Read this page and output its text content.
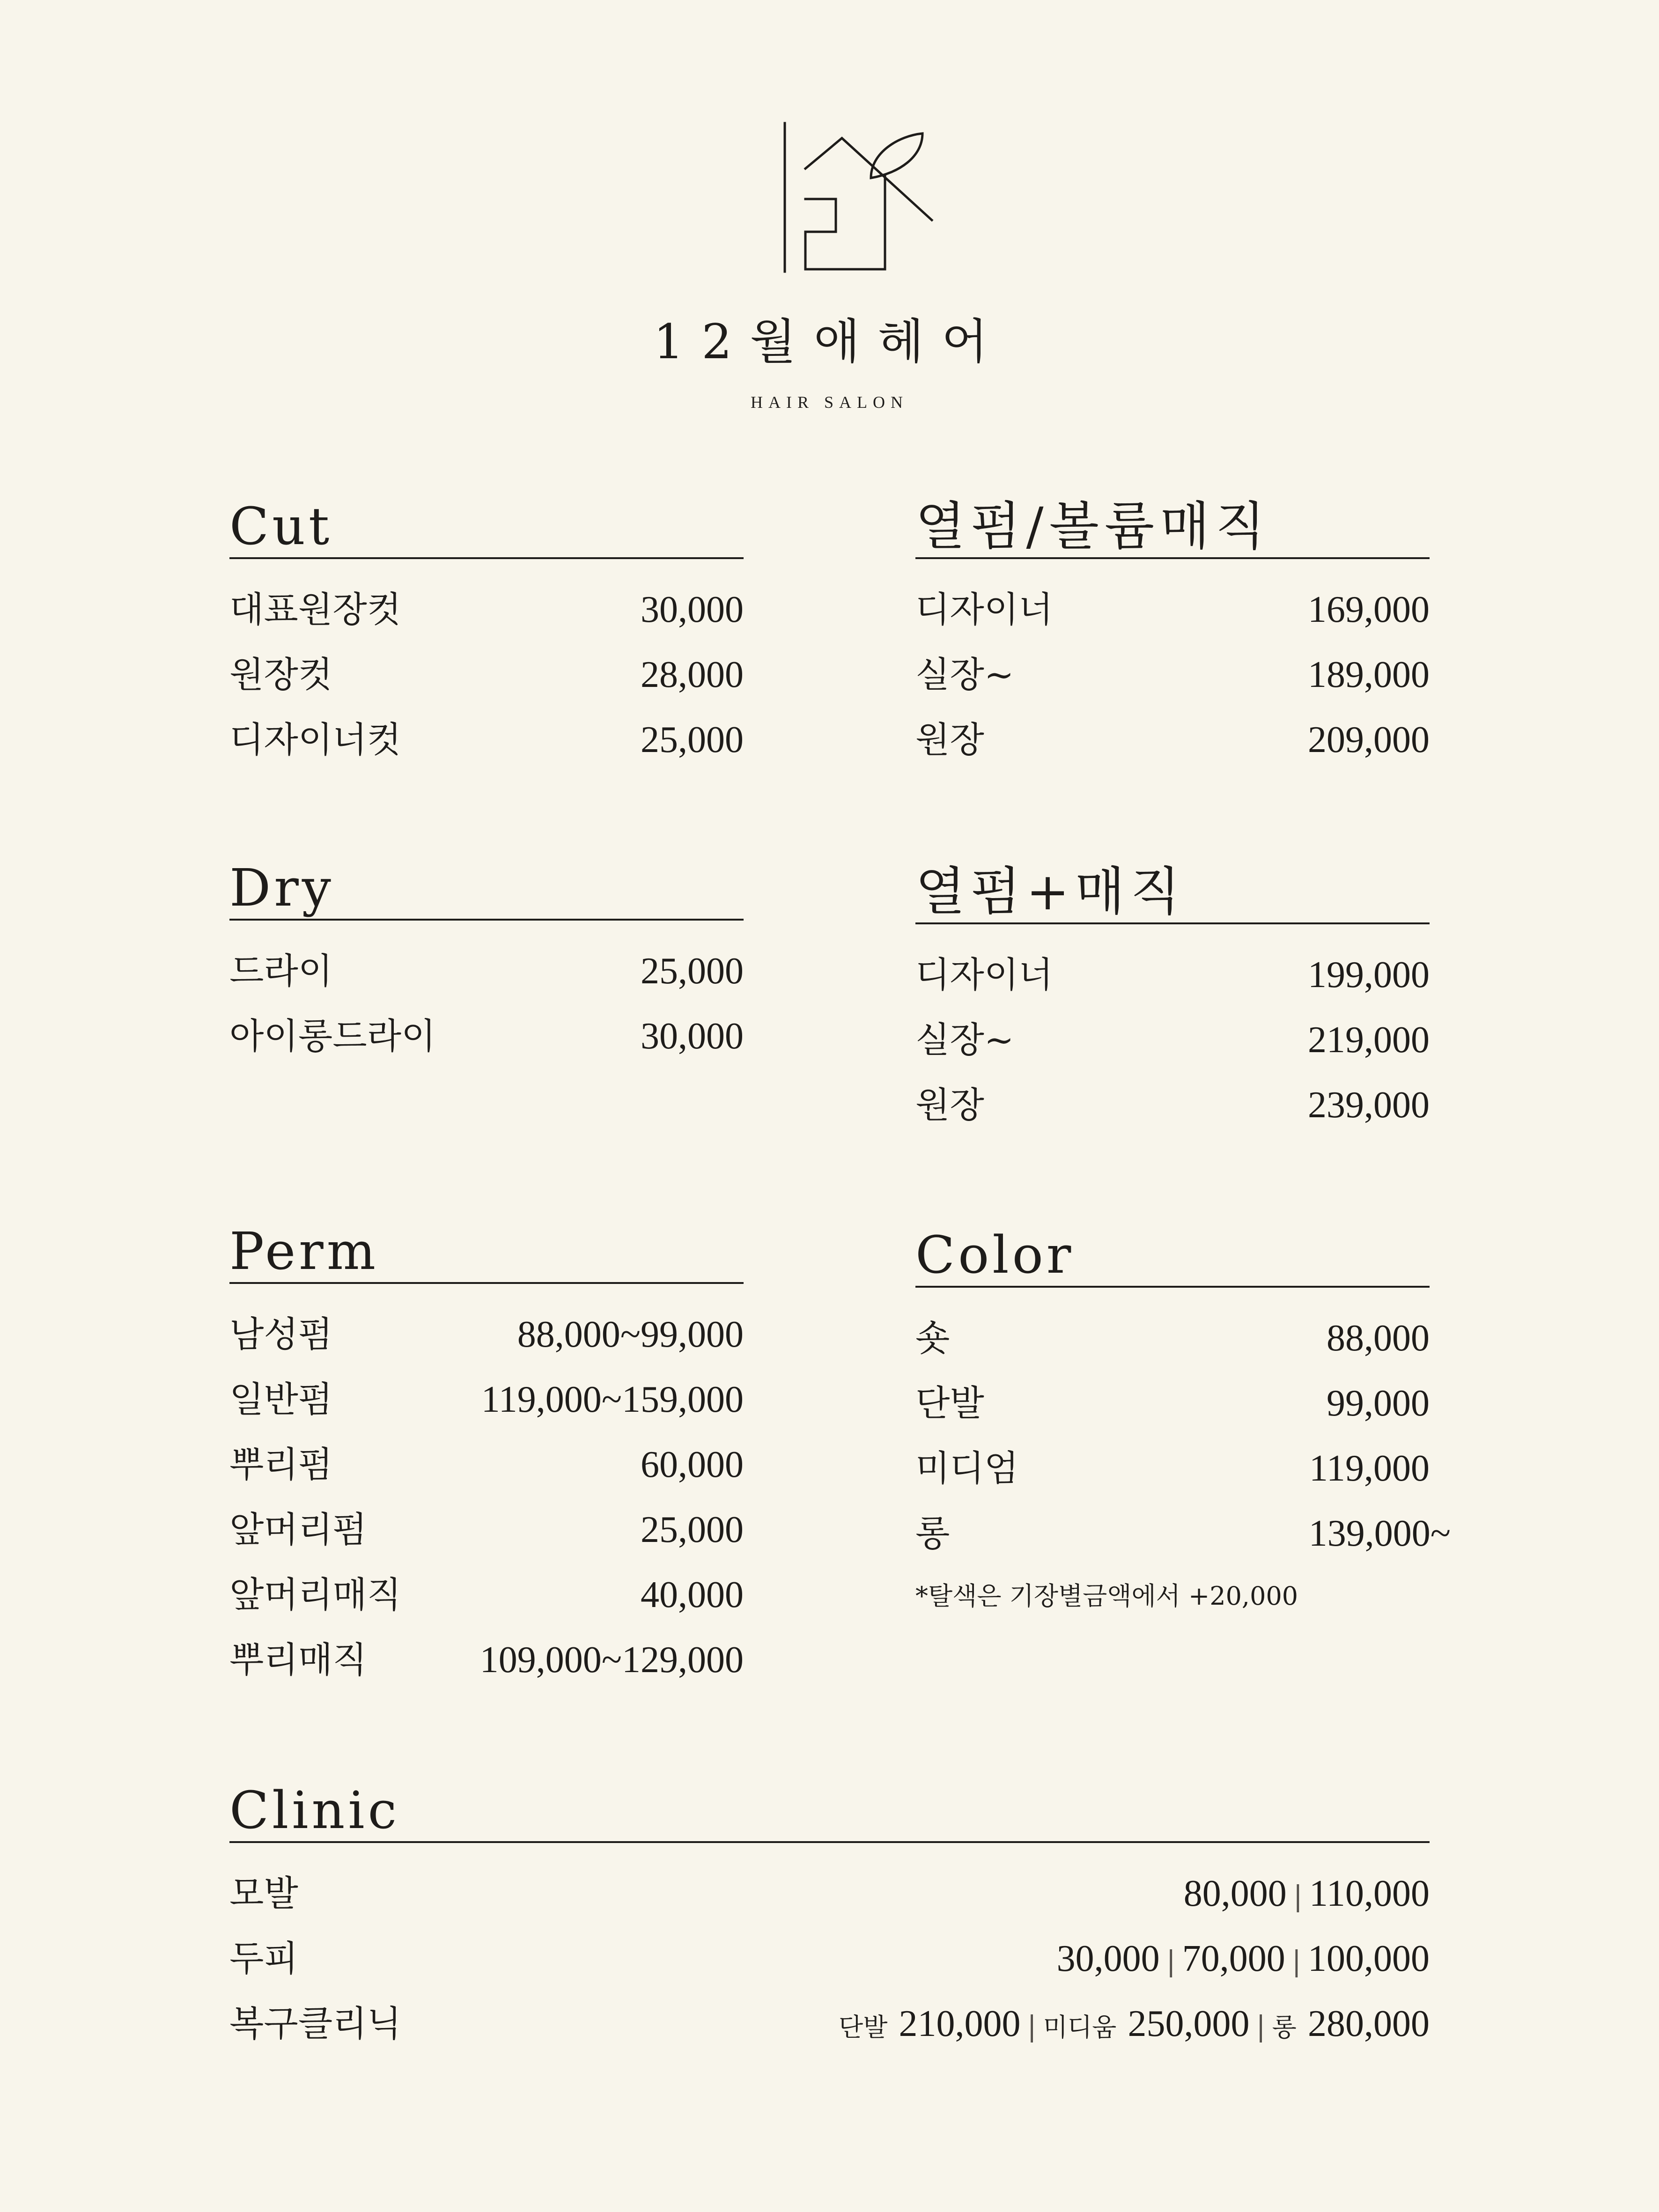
12월애헤어
HAIR SALON
Cut
대표원장컷	30,000
원장컷	28,000
디자이너컷	25,000
열펌/볼륨매직
디자이너	169,000
실장~	189,000
원장	209,000
Dry
드라이	25,000
아이롱드라이	30,000
열펌+매직
디자이너	199,000
실장~	219,000
원장	239,000
Perm
남성펌	88,000~99,000
일반펌	119,000~159,000
뿌리펌	60,000
앞머리펌	25,000
앞머리매직	40,000
뿌리매직	109,000~129,000
Color
숏	88,000
단발	99,000
미디엄	119,000
롱	139,000~
*탈색은 기장별금액에서 +20,000
Clinic
모발	80,000 | 110,000
두피	30,000 | 70,000 | 100,000
복구클리닉	단발 210,000 | 미디움 250,000 | 롱 280,000
